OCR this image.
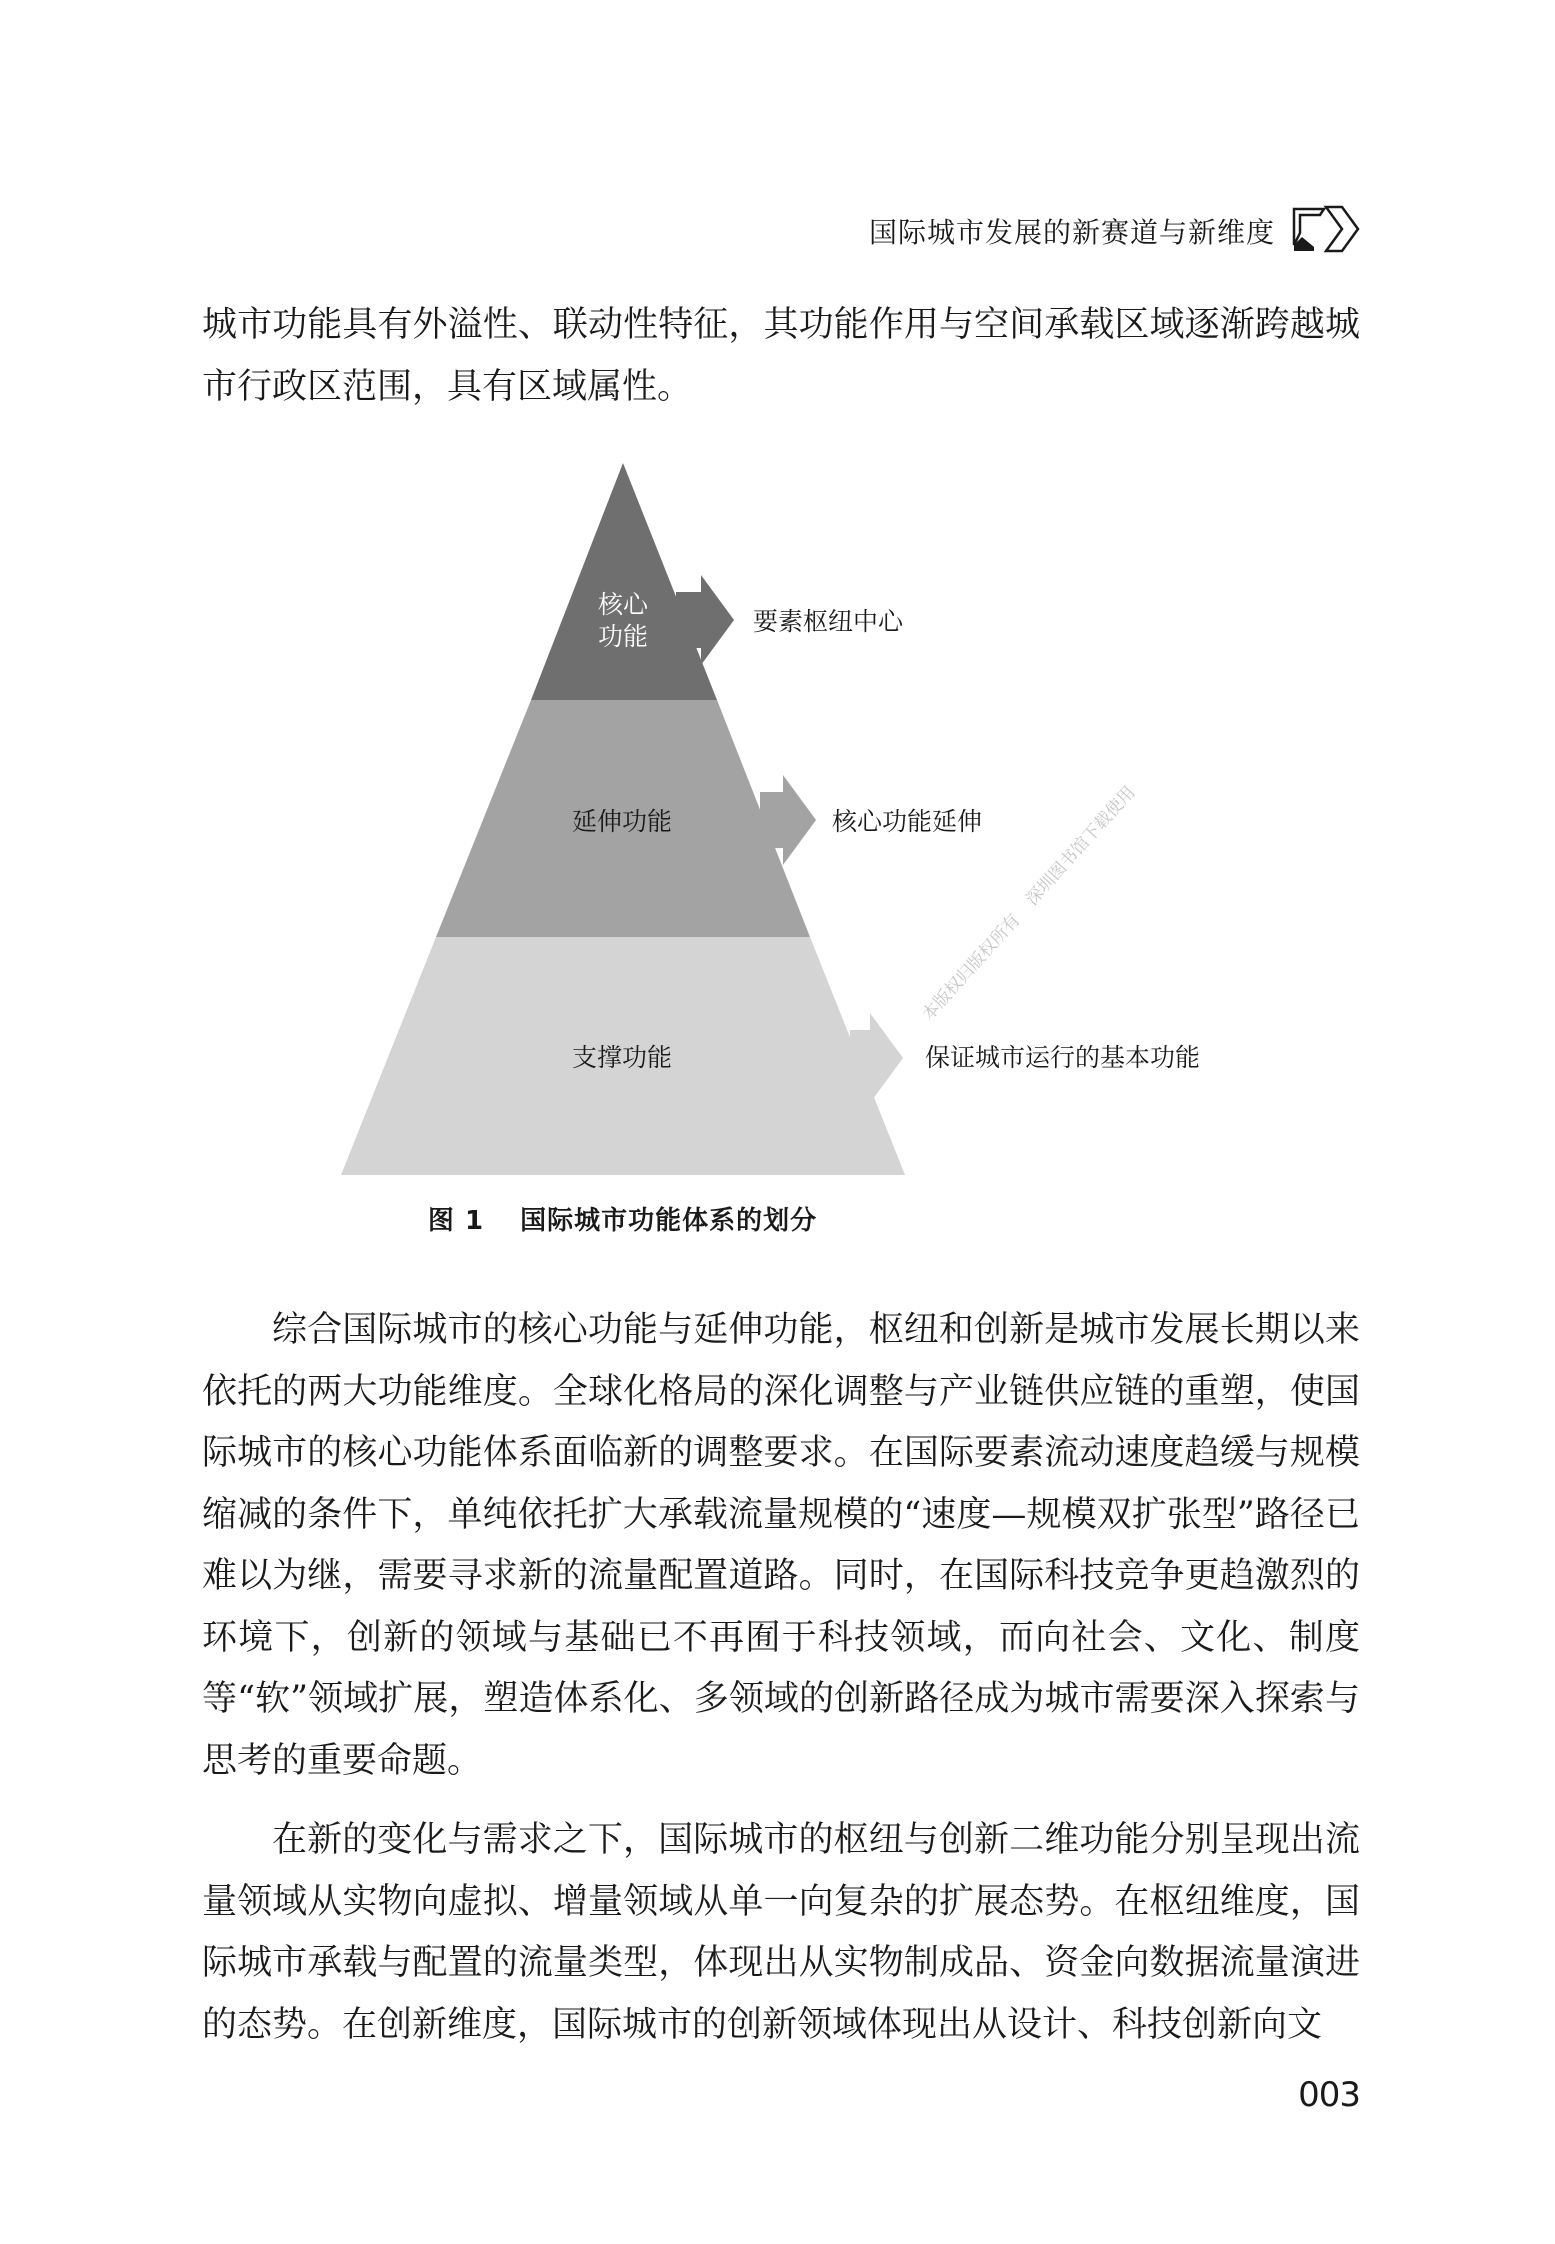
国际城市发展的新赛道与新维度

城市功能具有外溢性、联动性特征，其功能作用与空间承载区域逐渐跨越城市行政区范围，具有区域属性。

核心
功能
延伸功能
支撑功能
要素枢纽中心
核心功能延伸
保证城市运行的基本功能
本版权归版权所有
深圳图书馆下载使用
图 1 国际城市功能体系的划分

综合国际城市的核心功能与延伸功能，枢纽和创新是城市发展长期以来依托的两大功能维度。全球化格局的深化调整与产业链供应链的重塑，使国际城市的核心功能体系面临新的调整要求。在国际要素流动速度趋缓与规模缩减的条件下，单纯依托扩大承载流量规模的“速度—规模双扩张型”路径已难以为继，需要寻求新的流量配置道路。同时，在国际科技竞争更趋激烈的环境下，创新的领域与基础已不再囿于科技领域，而向社会、文化、制度等“软”领域扩展，塑造体系化、多领域的创新路径成为城市需要深入探索与思考的重要命题。

在新的变化与需求之下，国际城市的枢纽与创新二维功能分别呈现出流量领域从实物向虚拟、增量领域从单一向复杂的扩展态势。在枢纽维度，国际城市承载与配置的流量类型，体现出从实物制成品、资金向数据流量演进的态势。在创新维度，国际城市的创新领域体现出从设计、科技创新向文

003
